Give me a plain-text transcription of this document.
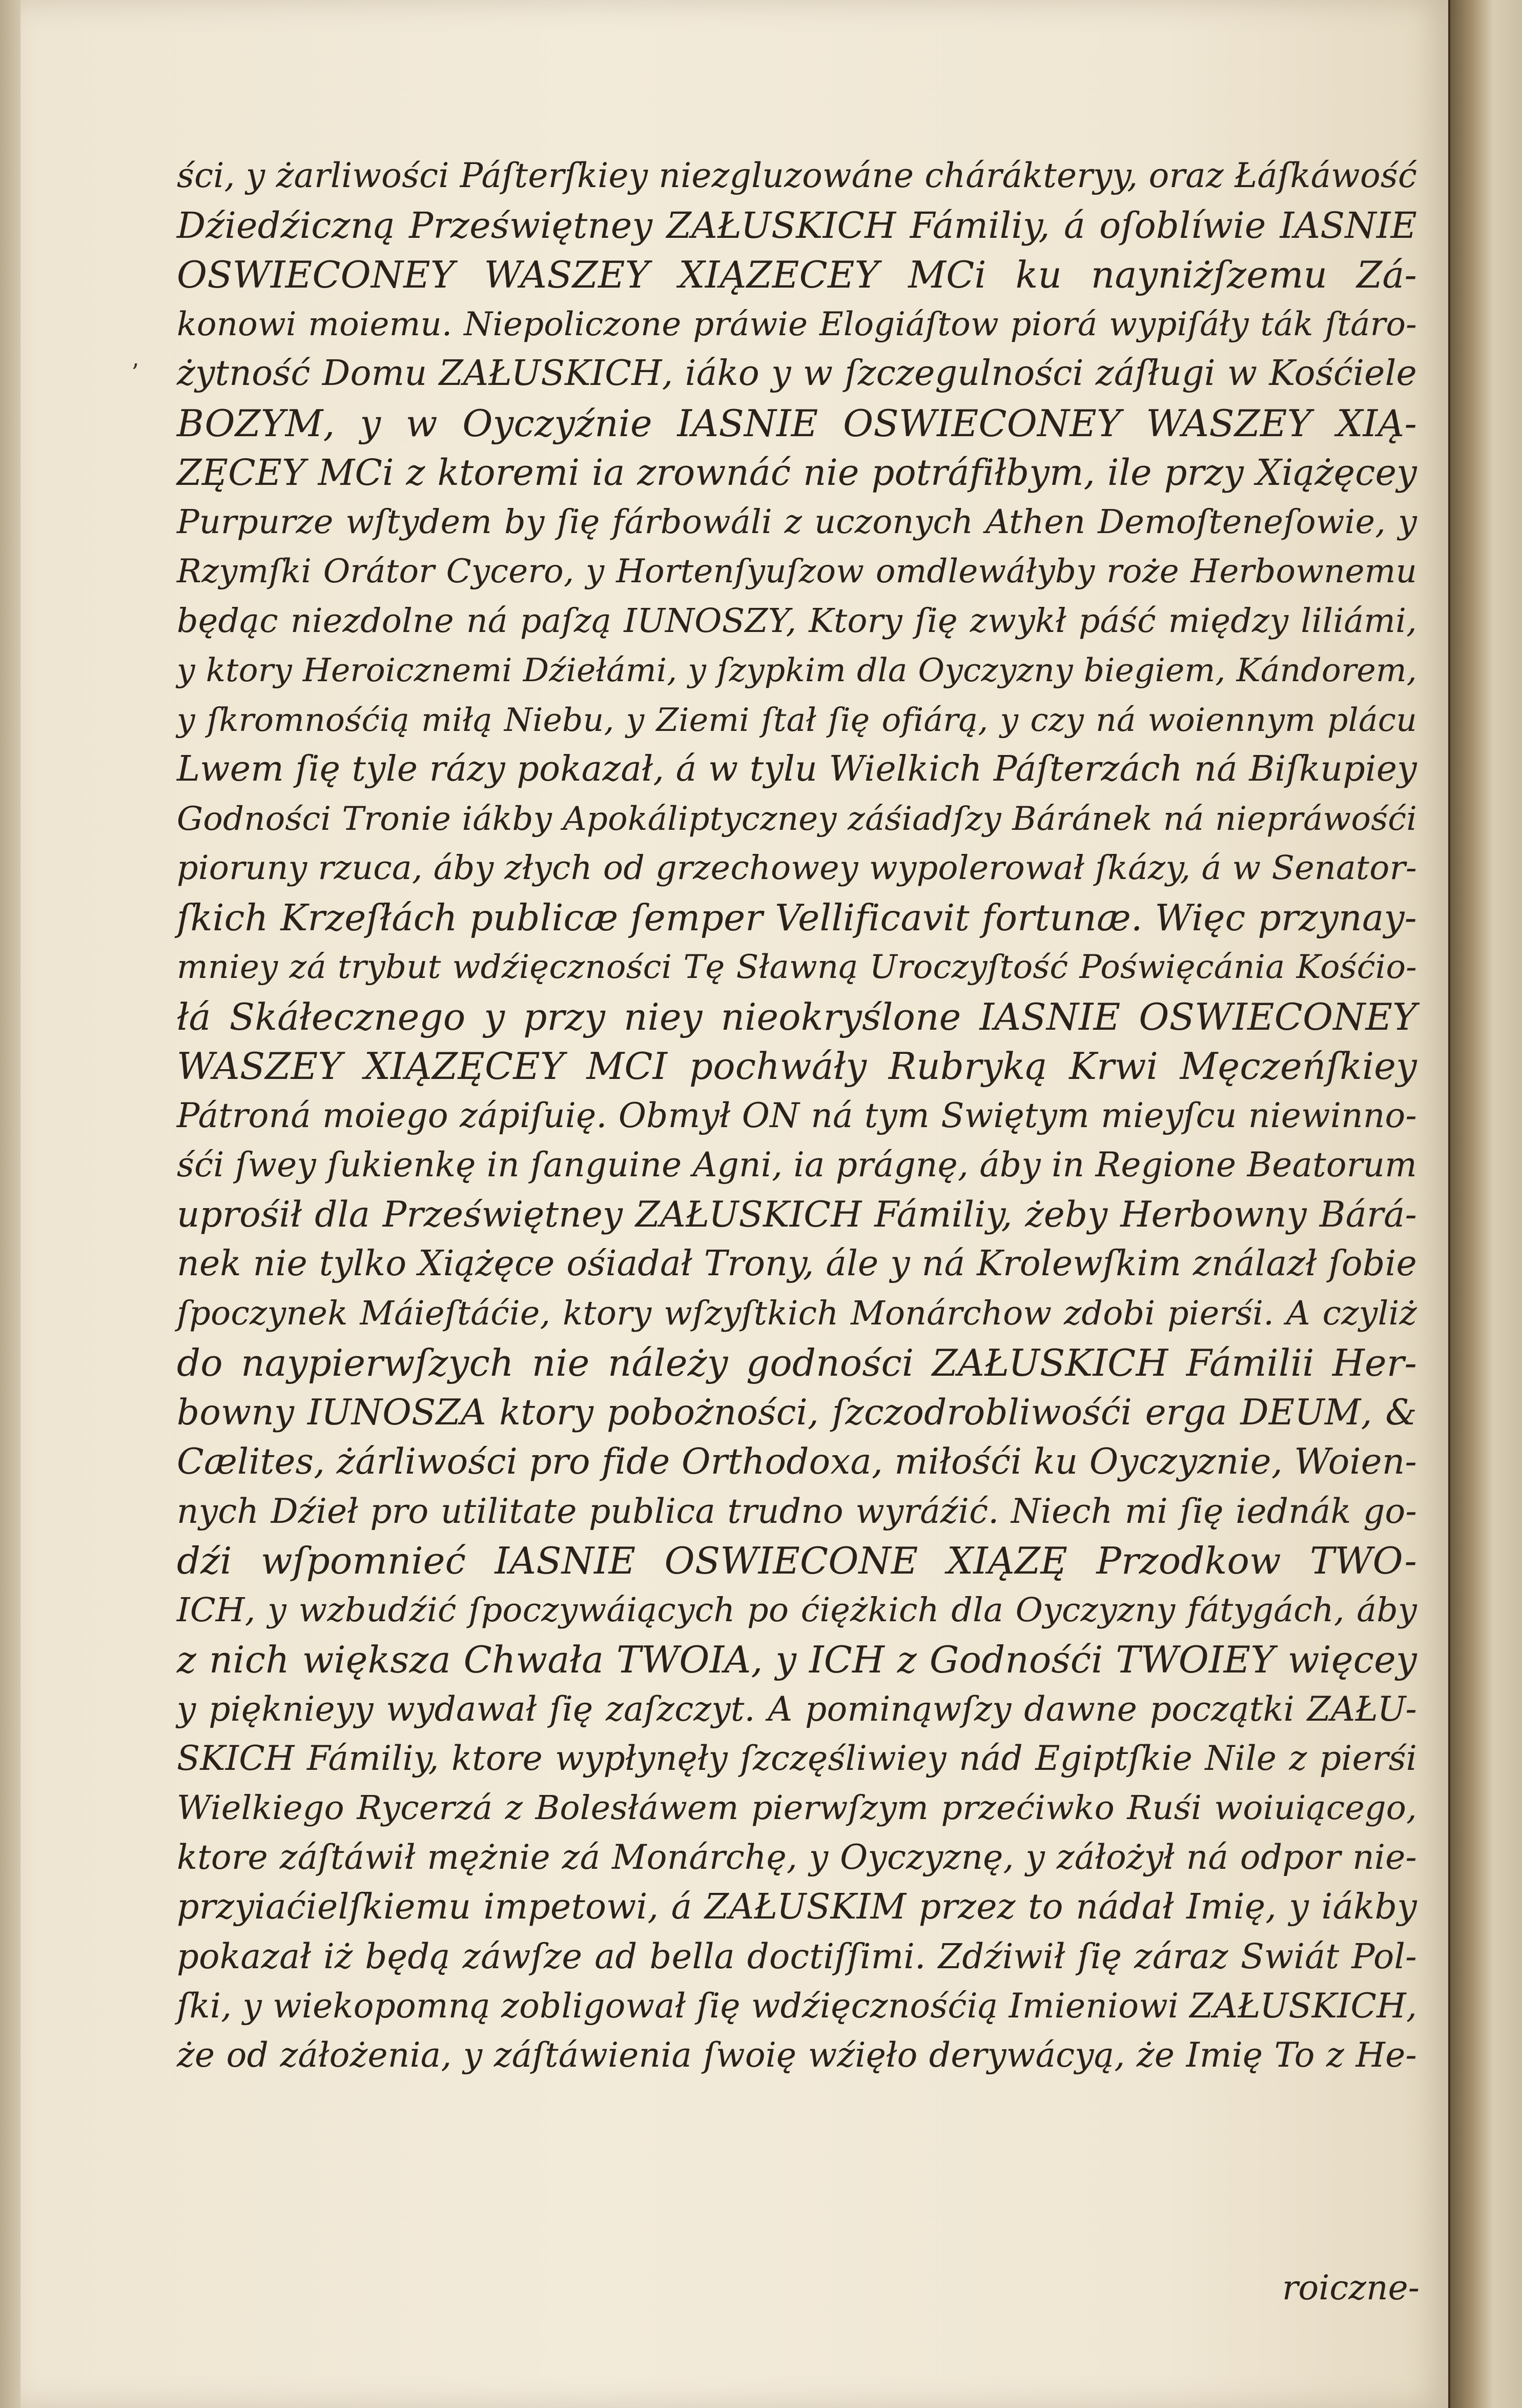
ʼ
ści, y żarliwości Páſterſkiey niezgluzowáne chárákteryy, oraz Łáſkáwość
Dźiedźiczną Przeświętney ZAŁUSKICH Fámiliy, á oſoblíwie IASNIE
OSWIECONEY WASZEY XIĄZECEY MCi ku nayniżſzemu Zá-
konowi moiemu. Niepoliczone práwie Elogiáſtow piorá wypiſáły ták ſtáro-
żytność Domu ZAŁUSKICH, iáko y w ſzczegulności záſługi w Kośćiele
BOZYM, y w Oyczyźnie IASNIE OSWIECONEY WASZEY XIĄ-
ZĘCEY MCi z ktoremi ia zrownáć nie potráfiłbym, ile przy Xiążęcey
Purpurze wſtydem by ſię fárbowáli z uczonych Athen Demoſteneſowie, y
Rzymſki Orátor Cycero, y Hortenſyuſzow omdlewáłyby roże Herbownemu
będąc niezdolne ná paſzą IUNOSZY, Ktory ſię zwykł páść między liliámi,
y ktory Heroicznemi Dźiełámi, y ſzypkim dla Oyczyzny biegiem, Kándorem,
y ſkromnośćią miłą Niebu, y Ziemi ſtał ſię ofiárą, y czy ná woiennym plácu
Lwem ſię tyle rázy pokazał, á w tylu Wielkich Páſterzách ná Biſkupiey
Godności Tronie iákby Apokáliptyczney záśiadſzy Báránek ná niepráwośći
pioruny rzuca, áby złych od grzechowey wypolerował ſkázy, á w Senator-
ſkich Krzeſłách publicæ ſemper Vellificavit fortunæ. Więc przynay-
mniey zá trybut wdźięczności Tę Sławną Uroczyſtość Poświęcánia Kośćio-
łá Skáłecznego y przy niey nieokryślone IASNIE OSWIECONEY
WASZEY XIĄZĘCEY MCI pochwáły Rubryką Krwi Męczeńſkiey
Pátroná moiego zápiſuię. Obmył ON ná tym Swiętym mieyſcu niewinno-
śći ſwey ſukienkę in ſanguine Agni, ia prágnę, áby in Regione Beatorum
uprośił dla Przeświętney ZAŁUSKICH Fámiliy, żeby Herbowny Bárá-
nek nie tylko Xiążęce ośiadał Trony, ále y ná Krolewſkim ználazł ſobie
ſpoczynek Máieſtáćie, ktory wſzyſtkich Monárchow zdobi pierśi. A czyliż
do naypierwſzych nie náleży godności ZAŁUSKICH Fámilii Her-
bowny IUNOSZA ktory pobożności, ſzczodrobliwośći erga DEUM, &
Cælites, żárliwości pro fide Orthodoxa, miłośći ku Oyczyznie, Woien-
nych Dźieł pro utilitate publica trudno wyráźić. Niech mi ſię iednák go-
dźi wſpomnieć IASNIE OSWIECONE XIĄZĘ Przodkow TWO-
ICH, y wzbudźić ſpoczywáiących po ćiężkich dla Oyczyzny fátygách, áby
z nich większa Chwała TWOIA, y ICH z Godnośći TWOIEY więcey
y pięknieyy wydawał ſię zaſzczyt. A pominąwſzy dawne początki ZAŁU-
SKICH Fámiliy, ktore wypłynęły ſzczęśliwiey nád Egiptſkie Nile z pierśi
Wielkiego Rycerzá z Bolesłáwem pierwſzym przećiwko Ruśi woiuiącego,
ktore záſtáwił mężnie zá Monárchę, y Oyczyznę, y záłożył ná odpor nie-
przyiaćielſkiemu impetowi, á ZAŁUSKIM przez to nádał Imię, y iákby
pokazał iż będą záwſze ad bella doctiſſimi. Zdźiwił ſię záraz Swiát Pol-
ſki, y wiekopomną zobligował ſię wdźięcznośćią Imieniowi ZAŁUSKICH,
że od záłożenia, y záſtáwienia ſwoię wźięło derywácyą, że Imię To z He-
roiczne-
